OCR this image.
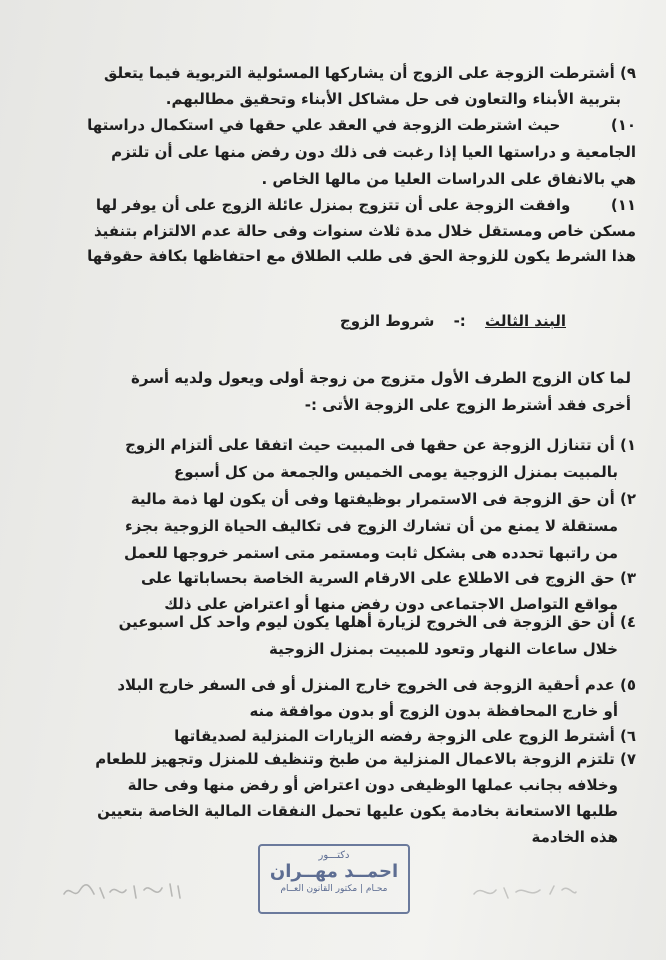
٩) أشترطت الزوجة على الزوج أن يشاركها المسئولية التربوية فيما يتعلق
بتربية الأبناء والتعاون فى حل مشاكل الأبناء وتحقيق مطالبهم.
١٠)  حيث اشترطت الزوجة في العقد علي حقها في استكمال دراستها
الجامعية و دراستها العيا إذا رغبت فى ذلك دون رفض منها على أن تلتزم
هي بالانفاق على الدراسات العليا من مالها الخاص .
١١)  وافقت الزوجة على أن تتزوج بمنزل عائلة الزوج على أن يوفر لها
مسكن خاص ومستقل خلال مدة ثلاث سنوات وفى حالة عدم الالتزام بتنفيذ
هذا الشرط يكون للزوجة الحق فى طلب الطلاق مع احتفاظها بكافة حقوقها
البند الثالث :- شروط الزوج
لما كان الزوج الطرف الأول متزوج من زوجة أولى ويعول ولديه أسرة
أخرى فقد أشترط الزوج على الزوجة الأتى :-
١) أن تتنازل الزوجة عن حقها فى المبيت حيث اتفقا على ألتزام الزوج
بالمبيت بمنزل الزوجية يومى الخميس والجمعة من كل أسبوع
٢) أن حق الزوجة فى الاستمرار بوظيفتها وفى أن يكون لها ذمة مالية
مستقلة لا يمنع من أن تشارك الزوج فى تكاليف الحياة الزوجية بجزء
من راتبها تحدده هى بشكل ثابت ومستمر متى استمر خروجها للعمل
٣) حق الزوج فى الاطلاع على الارقام السرية الخاصة بحساباتها على
مواقع التواصل الاجتماعى دون رفض منها أو اعتراض على ذلك
٤) أن حق الزوجة فى الخروج لزيارة أهلها يكون ليوم واحد كل اسبوعين
خلال ساعات النهار وتعود للمبيت بمنزل الزوجية
٥) عدم أحقية الزوجة فى الخروج خارج المنزل أو فى السفر خارج البلاد
أو خارج المحافظة بدون الزوج أو بدون موافقة منه
٦) أشترط الزوج على الزوجة رفضه الزيارات المنزلية لصديقاتها
٧) تلتزم الزوجة بالاعمال المنزلية من طبخ وتنظيف للمنزل وتجهيز للطعام
وخلافه بجانب عملها الوظيفى دون اعتراض أو رفض منها وفى حالة
طلبها الاستعانة بخادمة يكون عليها تحمل النفقات المالية الخاصة بتعيين
هذه الخادمة
دكتـــور
احمــد مهــران
محـام | مكتور القانون العــام
